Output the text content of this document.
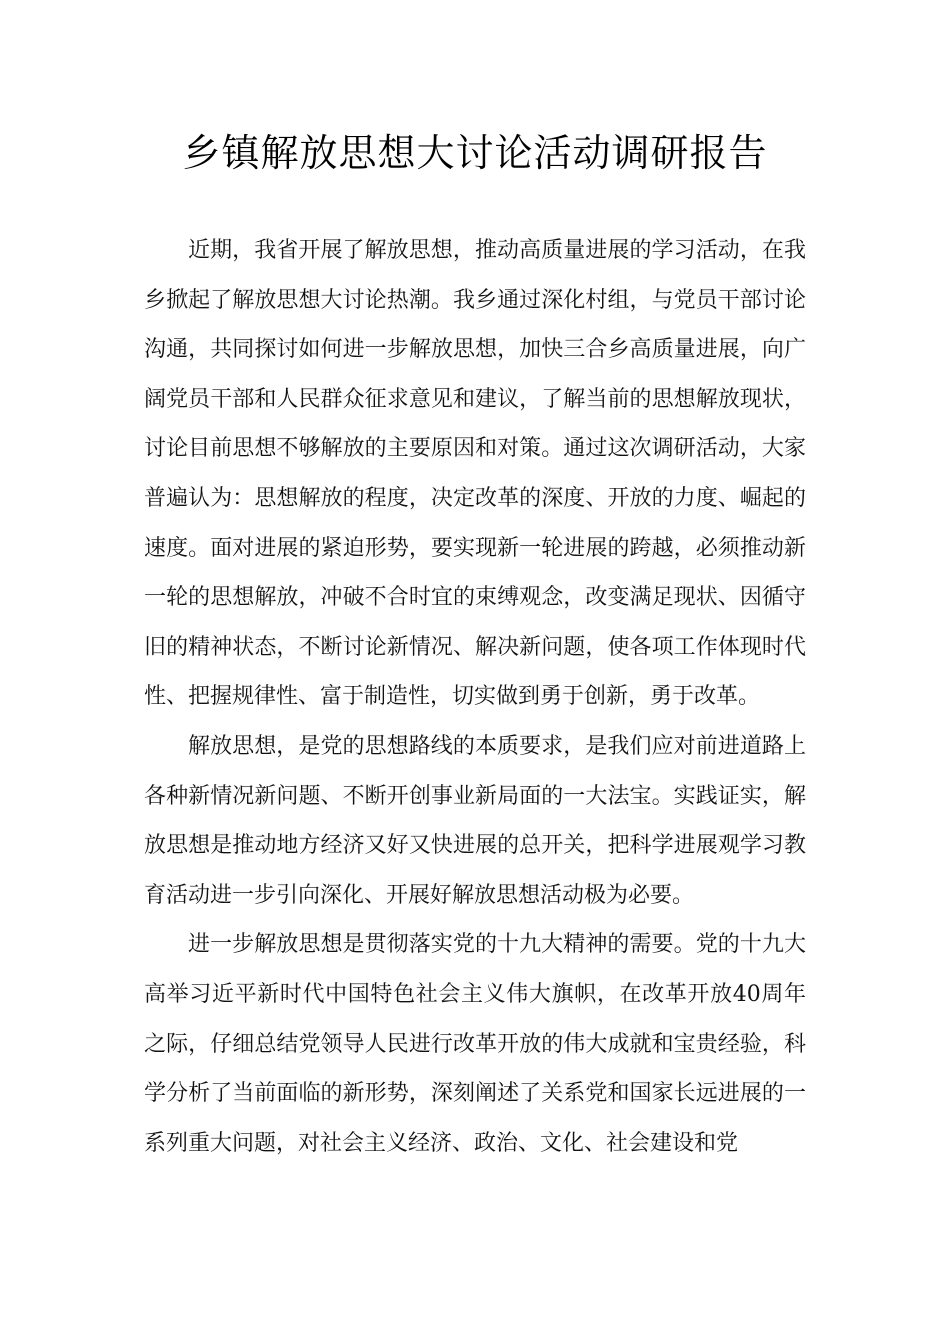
乡镇解放思想大讨论活动调研报告

近期，我省开展了解放思想，推动高质量进展的学习活动，在我乡掀起了解放思想大讨论热潮。我乡通过深化村组，与党员干部讨论沟通，共同探讨如何进一步解放思想，加快三合乡高质量进展，向广阔党员干部和人民群众征求意见和建议，了解当前的思想解放现状，讨论目前思想不够解放的主要原因和对策。通过这次调研活动，大家普遍认为：思想解放的程度，决定改革的深度、开放的力度、崛起的速度。面对进展的紧迫形势，要实现新一轮进展的跨越，必须推动新一轮的思想解放，冲破不合时宜的束缚观念，改变满足现状、因循守旧的精神状态，不断讨论新情况、解决新问题，使各项工作体现时代性、把握规律性、富于制造性，切实做到勇于创新，勇于改革。

解放思想，是党的思想路线的本质要求，是我们应对前进道路上各种新情况新问题、不断开创事业新局面的一大法宝。实践证实，解放思想是推动地方经济又好又快进展的总开关，把科学进展观学习教育活动进一步引向深化、开展好解放思想活动极为必要。

进一步解放思想是贯彻落实党的十九大精神的需要。党的十九大高举习近平新时代中国特色社会主义伟大旗帜，在改革开放40周年之际，仔细总结党领导人民进行改革开放的伟大成就和宝贵经验，科学分析了当前面临的新形势，深刻阐述了关系党和国家长远进展的一系列重大问题，对社会主义经济、政治、文化、社会建设和党
